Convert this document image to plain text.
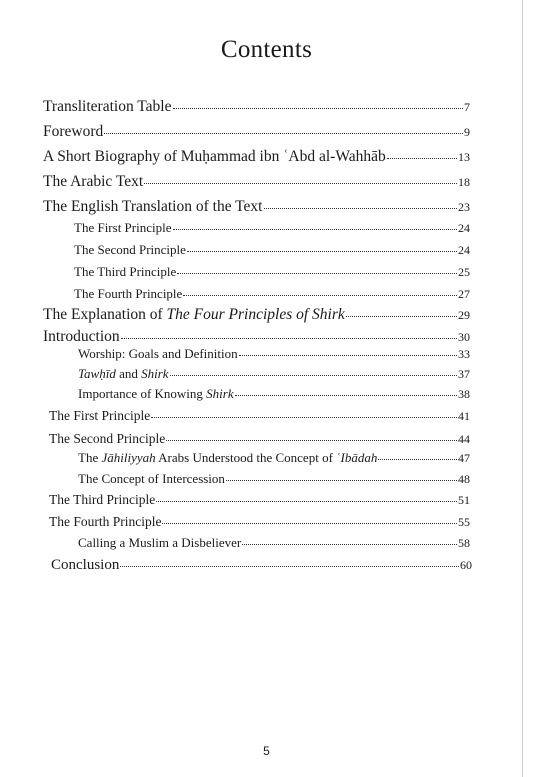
Contents
Transliteration Table	7
Foreword	9
A Short Biography of Muḥammad ibn ʿAbd al-Wahhāb	13
The Arabic Text	18
The English Translation of the Text	23
The First Principle	24
The Second Principle	24
The Third Principle	25
The Fourth Principle	27
The Explanation of The Four Principles of Shirk	29
Introduction	30
Worship: Goals and Definition	33
Tawḥīd and Shirk	37
Importance of Knowing Shirk	38
The First Principle	41
The Second Principle	44
The Jāhiliyyah Arabs Understood the Concept of ʿIbādah	47
The Concept of Intercession	48
The Third Principle	51
The Fourth Principle	55
Calling a Muslim a Disbeliever	58
Conclusion	60
5
